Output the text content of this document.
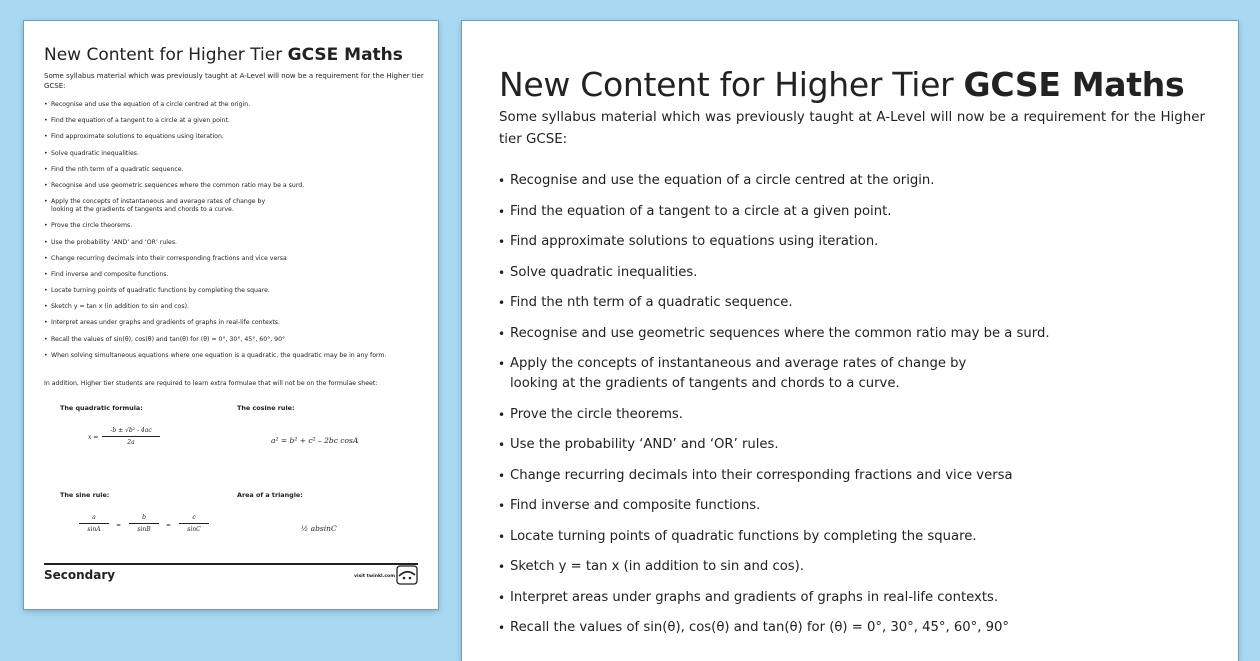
New Content for Higher Tier GCSE Maths
Some syllabus material which was previously taught at A-Level will now be a requirement for the Higher tier GCSE:
• Recognise and use the equation of a circle centred at the origin.
• Find the equation of a tangent to a circle at a given point.
• Find approximate solutions to equations using iteration.
• Solve quadratic inequalities.
• Find the nth term of a quadratic sequence.
• Recognise and use geometric sequences where the common ratio may be a surd.
• Apply the concepts of instantaneous and average rates of change by
looking at the gradients of tangents and chords to a curve.
• Prove the circle theorems.
• Use the probability ‘AND’ and ‘OR’ rules.
• Change recurring decimals into their corresponding fractions and vice versa
• Find inverse and composite functions.
• Locate turning points of quadratic functions by completing the square.
• Sketch y = tan x (in addition to sin and cos).
• Interpret areas under graphs and gradients of graphs in real-life contexts.
• Recall the values of sin(θ), cos(θ) and tan(θ) for (θ) = 0°, 30°, 45°, 60°, 90°
• When solving simultaneous equations where one equation is a quadratic, the quadratic may be in any form.
In addition, Higher tier students are required to learn extra formulae that will not be on the formulae sheet:
The quadratic formula:
$x = \frac{\text{-b ± √b² - 4ac}}{2a}$
The cosine rule:
a² = b² + c² – 2bc cosA
The sine rule:
$\frac{a}{\sin A} = \frac{b}{\sin B} = \frac{c}{\sin C}$
Area of a triangle:
½ absinC
Secondary	visit twinkl.com
New Content for Higher Tier GCSE Maths
Some syllabus material which was previously taught at A-Level will now be a requirement for the Higher tier GCSE:
• Recognise and use the equation of a circle centred at the origin.
• Find the equation of a tangent to a circle at a given point.
• Find approximate solutions to equations using iteration.
• Solve quadratic inequalities.
• Find the nth term of a quadratic sequence.
• Recognise and use geometric sequences where the common ratio may be a surd.
• Apply the concepts of instantaneous and average rates of change by
looking at the gradients of tangents and chords to a curve.
• Prove the circle theorems.
• Use the probability ‘AND’ and ‘OR’ rules.
• Change recurring decimals into their corresponding fractions and vice versa
• Find inverse and composite functions.
• Locate turning points of quadratic functions by completing the square.
• Sketch y = tan x (in addition to sin and cos).
• Interpret areas under graphs and gradients of graphs in real-life contexts.
• Recall the values of sin(θ), cos(θ) and tan(θ) for (θ) = 0°, 30°, 45°, 60°, 90°
